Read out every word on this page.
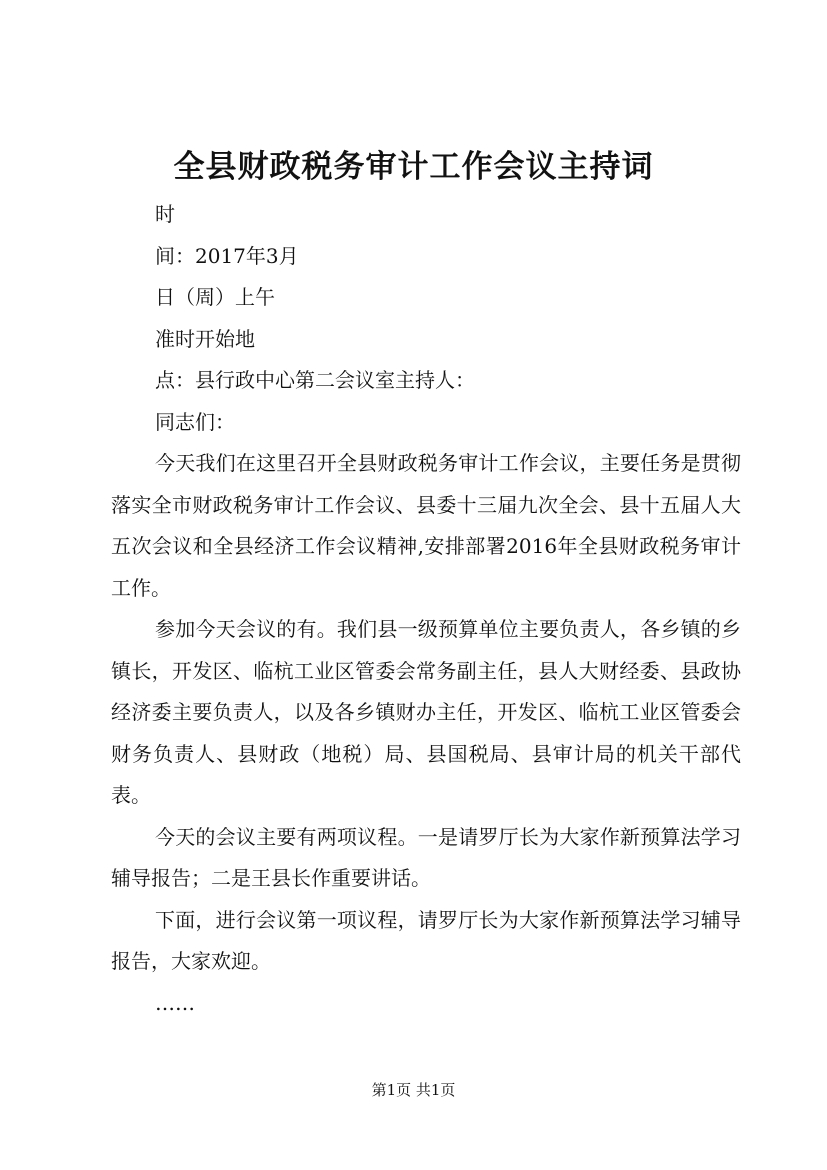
全县财政税务审计工作会议主持词

时

间：2017年3月

日（周）上午

准时开始地

点：县行政中心第二会议室主持人：

同志们：

今天我们在这里召开全县财政税务审计工作会议，主要任务是贯彻落实全市财政税务审计工作会议、县委十三届九次全会、县十五届人大五次会议和全县经济工作会议精神,安排部署2016年全县财政税务审计工作。

参加今天会议的有。我们县一级预算单位主要负责人，各乡镇的乡镇长，开发区、临杭工业区管委会常务副主任，县人大财经委、县政协经济委主要负责人，以及各乡镇财办主任，开发区、临杭工业区管委会财务负责人、县财政（地税）局、县国税局、县审计局的机关干部代表。

今天的会议主要有两项议程。一是请罗厅长为大家作新预算法学习辅导报告；二是王县长作重要讲话。

下面，进行会议第一项议程，请罗厅长为大家作新预算法学习辅导报告，大家欢迎。

……

第1页 共1页
